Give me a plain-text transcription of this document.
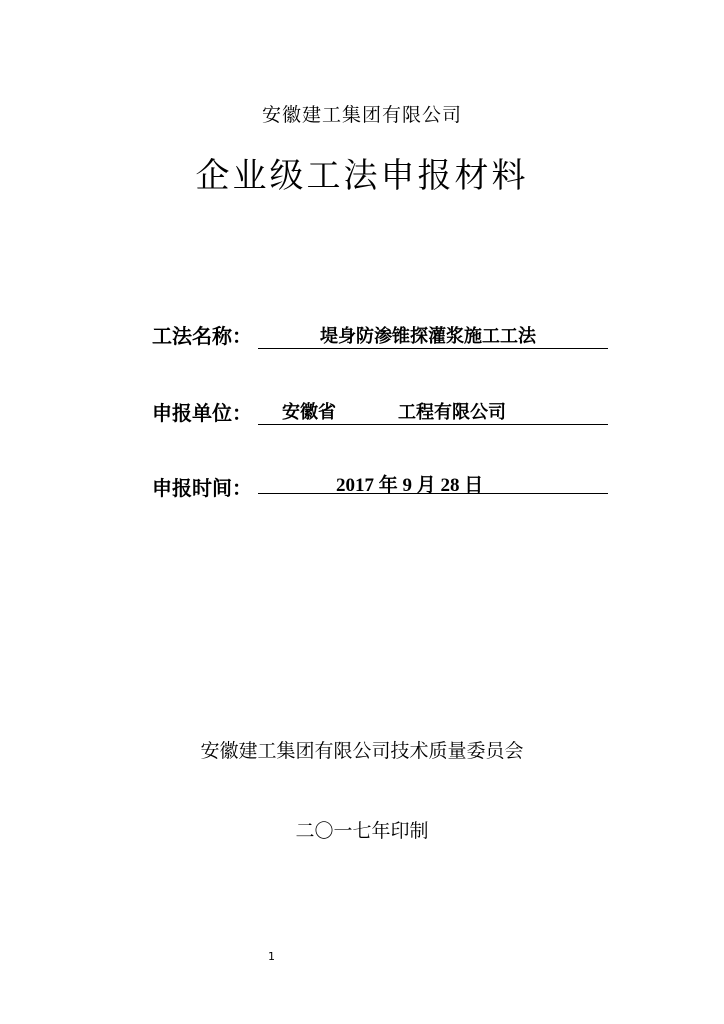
安徽建工集团有限公司
企业级工法申报材料
工法名称：	堤身防渗锥探灌浆施工工法
申报单位： 安徽省	工程有限公司
申报时间：	2017 年 9 月 28 日
安徽建工集团有限公司技术质量委员会
二〇一七年印制
1
